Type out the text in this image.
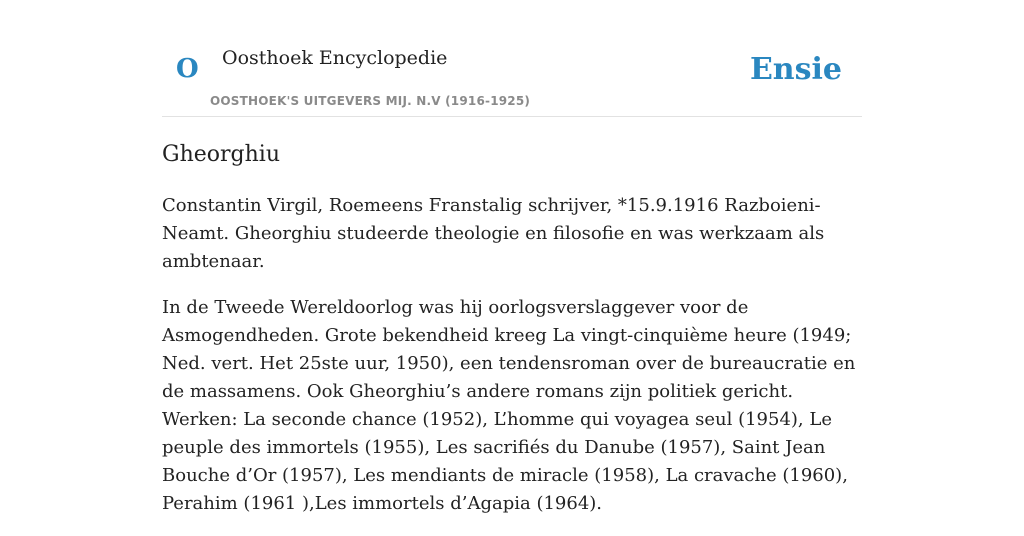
O Oosthoek Encyclopedie
OOSTHOEK'S UITGEVERS MIJ. N.V (1916-1925)
Ensie
Gheorghiu

Constantin Virgil, Roemeens Franstalig schrijver, *15.9.1916 Razboieni-Neamt. Gheorghiu studeerde theologie en filosofie en was werkzaam als ambtenaar.

In de Tweede Wereldoorlog was hij oorlogsverslaggever voor de Asmogendheden. Grote bekendheid kreeg La vingt-cinquième heure (1949; Ned. vert. Het 25ste uur, 1950), een tendensroman over de bureaucratie en de massamens. Ook Gheorghiu’s andere romans zijn politiek gericht. Werken: La seconde chance (1952), L’homme qui voyagea seul (1954), Le peuple des immortels (1955), Les sacrifiés du Danube (1957), Saint Jean Bouche d’Or (1957), Les mendiants de miracle (1958), La cravache (1960), Perahim (1961 ),Les immortels d’Agapia (1964).
